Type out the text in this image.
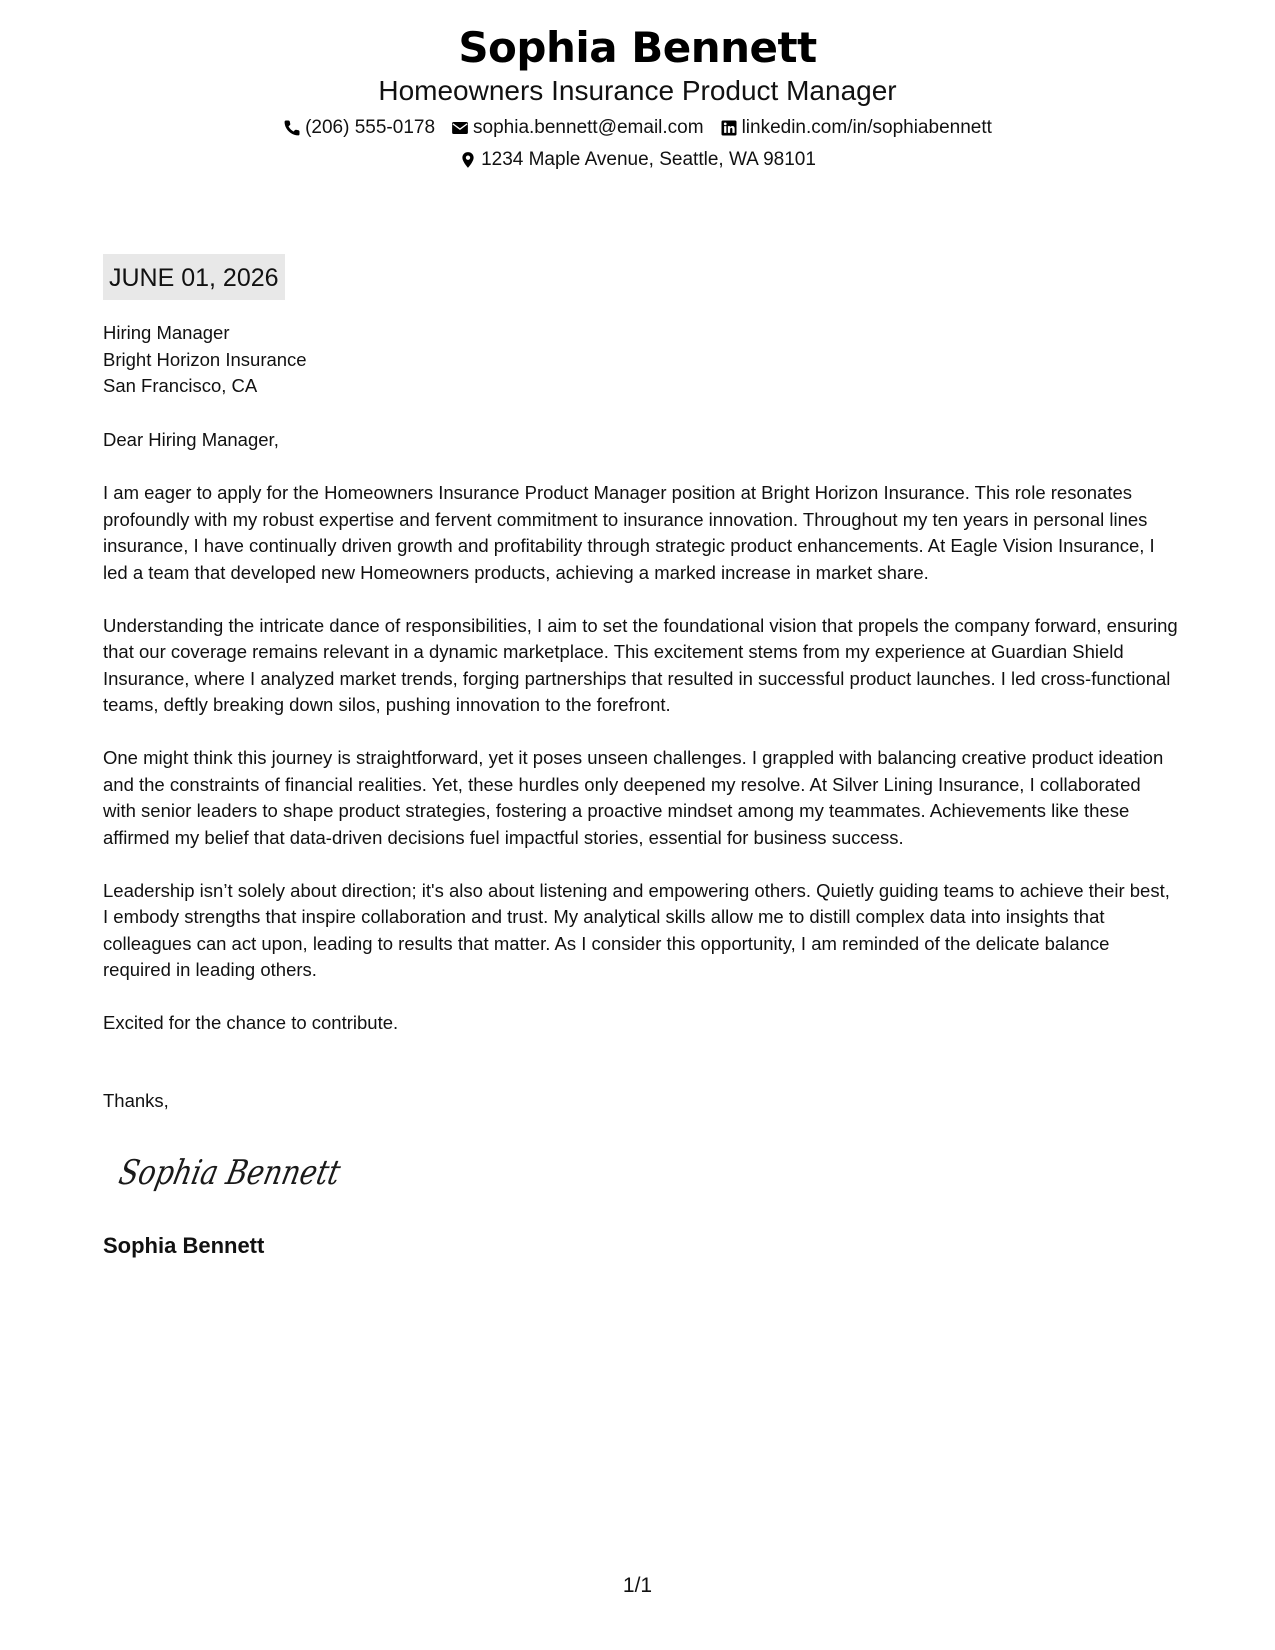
Sophia Bennett
Homeowners Insurance Product Manager
(206) 555-0178 sophia.bennett@email.com linkedin.com/in/sophiabennett
1234 Maple Avenue, Seattle, WA 98101
JUNE 01, 2026
Hiring Manager
Bright Horizon Insurance
San Francisco, CA

Dear Hiring Manager,

I am eager to apply for the Homeowners Insurance Product Manager position at Bright Horizon Insurance. This role resonates profoundly with my robust expertise and fervent commitment to insurance innovation. Throughout my ten years in personal lines insurance, I have continually driven growth and profitability through strategic product enhancements. At Eagle Vision Insurance, I led a team that developed new Homeowners products, achieving a marked increase in market share.

Understanding the intricate dance of responsibilities, I aim to set the foundational vision that propels the company forward, ensuring that our coverage remains relevant in a dynamic marketplace. This excitement stems from my experience at Guardian Shield Insurance, where I analyzed market trends, forging partnerships that resulted in successful product launches. I led cross-functional teams, deftly breaking down silos, pushing innovation to the forefront.

One might think this journey is straightforward, yet it poses unseen challenges. I grappled with balancing creative product ideation and the constraints of financial realities. Yet, these hurdles only deepened my resolve. At Silver Lining Insurance, I collaborated with senior leaders to shape product strategies, fostering a proactive mindset among my teammates. Achievements like these affirmed my belief that data-driven decisions fuel impactful stories, essential for business success.

Leadership isn’t solely about direction; it's also about listening and empowering others. Quietly guiding teams to achieve their best, I embody strengths that inspire collaboration and trust. My analytical skills allow me to distill complex data into insights that colleagues can act upon, leading to results that matter. As I consider this opportunity, I am reminded of the delicate balance required in leading others.

Excited for the chance to contribute.

Thanks,
Sophia Bennett
Sophia Bennett
1/1
